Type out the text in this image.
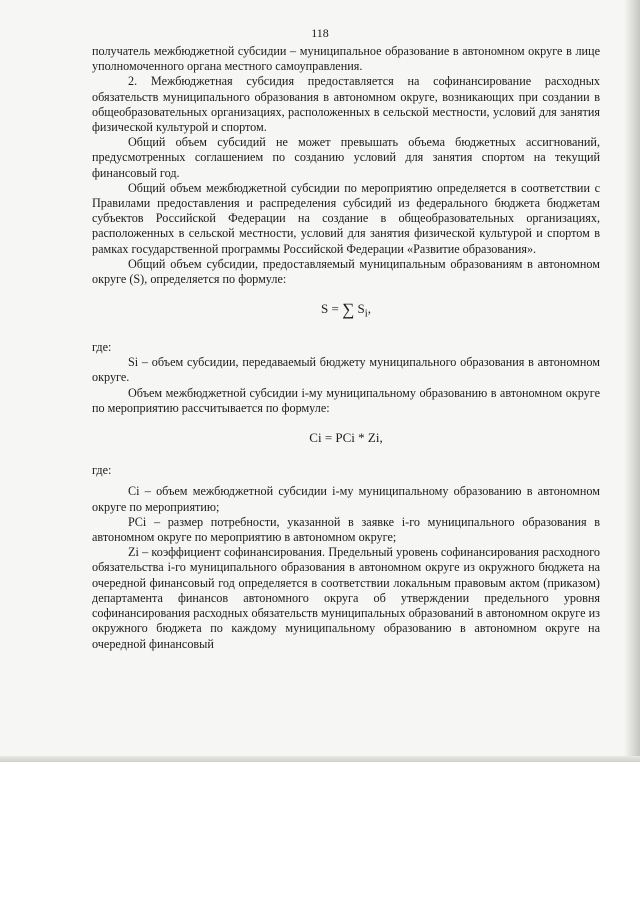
118

получатель межбюджетной субсидии – муниципальное образование в автономном округе в лице уполномоченного органа местного самоуправления.

2. Межбюджетная субсидия предоставляется на софинансирование расходных обязательств муниципального образования в автономном округе, возникающих при создании в общеобразовательных организациях, расположенных в сельской местности, условий для занятия физической культурой и спортом.

Общий объем субсидий не может превышать объема бюджетных ассигнований, предусмотренных соглашением по созданию условий для занятия спортом на текущий финансовый год.

Общий объем межбюджетной субсидии по мероприятию определяется в соответствии с Правилами предоставления и распределения субсидий из федерального бюджета бюджетам субъектов Российской Федерации на создание в общеобразовательных организациях, расположенных в сельской местности, условий для занятия физической культурой и спортом в рамках государственной программы Российской Федерации «Развитие образования».

Общий объем субсидии, предоставляемый муниципальным образованиям в автономном округе (S), определяется по формуле:

S = ∑ $S_i$,

где:

Si – объем субсидии, передаваемый бюджету муниципального образования в автономном округе.

Объем межбюджетной субсидии i-му муниципальному образованию в автономном округе по мероприятию рассчитывается по формуле:

Ci = PCi * Zi,

где:

Ci – объем межбюджетной субсидии i-му муниципальному образованию в автономном округе по мероприятию;

PCi – размер потребности, указанной в заявке i-го муниципального образования в автономном округе по мероприятию в автономном округе;

Zi – коэффициент софинансирования. Предельный уровень софинансирования расходного обязательства i-го муниципального образования в автономном округе из окружного бюджета на очередной финансовый год определяется в соответствии локальным правовым актом (приказом) департамента финансов автономного округа об утверждении предельного уровня софинансирования расходных обязательств муниципальных образований в автономном округе из окружного бюджета по каждому муниципальному образованию в автономном округе на очередной финансовый
